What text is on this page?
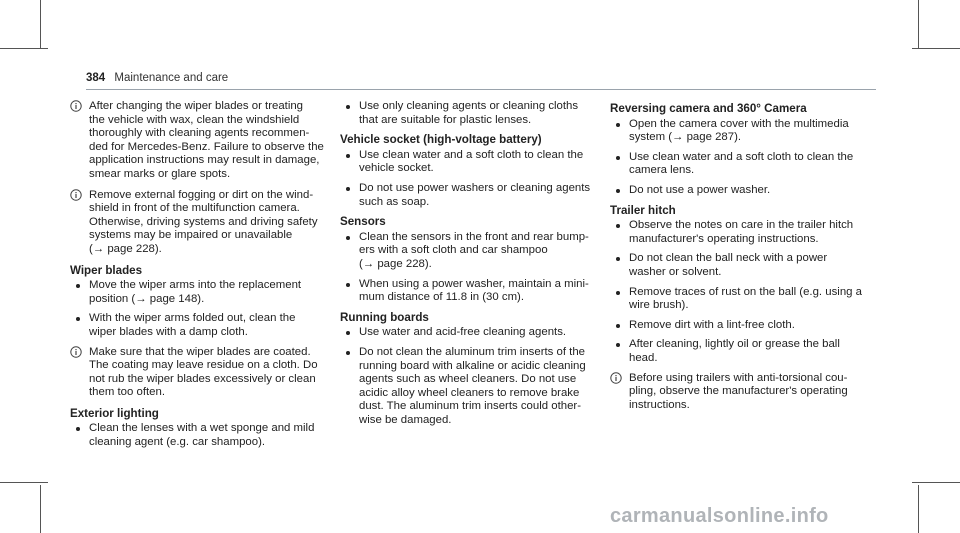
384 Maintenance and care
After changing the wiper blades or treating
the vehicle with wax, clean the windshield
thoroughly with cleaning agents recommen-
ded for Mercedes-Benz. Failure to observe the
application instructions may result in damage,
smear marks or glare spots.
Remove external fogging or dirt on the wind-
shield in front of the multifunction camera.
Otherwise, driving systems and driving safety
systems may be impaired or unavailable
(→ page 228).
Wiper blades
Move the wiper arms into the replacement
position (→ page 148).
With the wiper arms folded out, clean the
wiper blades with a damp cloth.
Make sure that the wiper blades are coated.
The coating may leave residue on a cloth. Do
not rub the wiper blades excessively or clean
them too often.
Exterior lighting
Clean the lenses with a wet sponge and mild
cleaning agent (e.g. car shampoo).
Use only cleaning agents or cleaning cloths
that are suitable for plastic lenses.
Vehicle socket (high-voltage battery)
Use clean water and a soft cloth to clean the
vehicle socket.
Do not use power washers or cleaning agents
such as soap.
Sensors
Clean the sensors in the front and rear bump-
ers with a soft cloth and car shampoo
(→ page 228).
When using a power washer, maintain a mini-
mum distance of 11.8 in (30 cm).
Running boards
Use water and acid-free cleaning agents.
Do not clean the aluminum trim inserts of the
running board with alkaline or acidic cleaning
agents such as wheel cleaners. Do not use
acidic alloy wheel cleaners to remove brake
dust. The aluminum trim inserts could other-
wise be damaged.
Reversing camera and 360° Camera
Open the camera cover with the multimedia
system (→ page 287).
Use clean water and a soft cloth to clean the
camera lens.
Do not use a power washer.
Trailer hitch
Observe the notes on care in the trailer hitch
manufacturer's operating instructions.
Do not clean the ball neck with a power
washer or solvent.
Remove traces of rust on the ball (e.g. using a
wire brush).
Remove dirt with a lint-free cloth.
After cleaning, lightly oil or grease the ball
head.
Before using trailers with anti-torsional cou-
pling, observe the manufacturer's operating
instructions.
carmanualsonline.info
